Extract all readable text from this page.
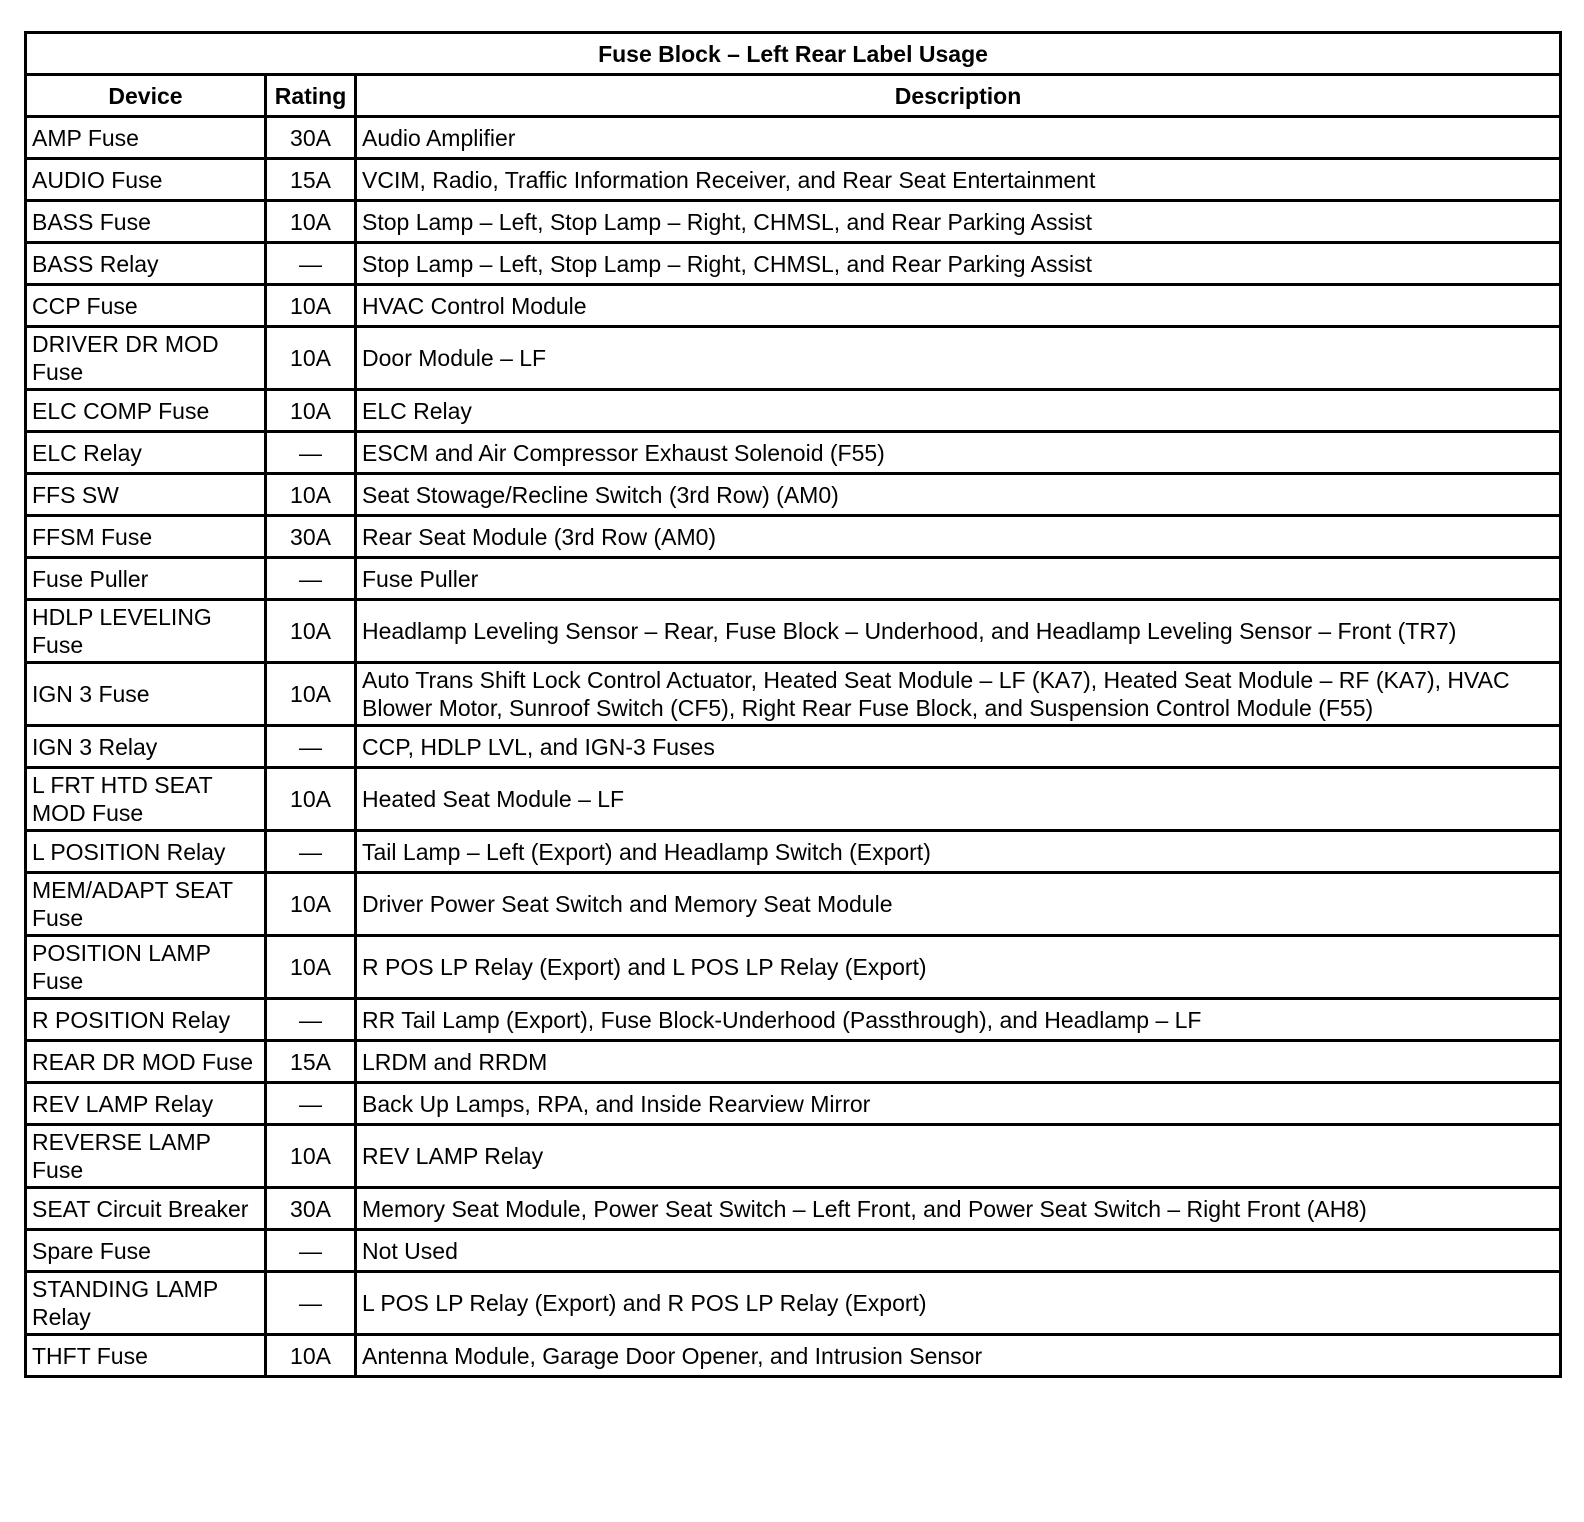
Fuse Block – Left Rear Label Usage		
Device	Rating	Description
AMP Fuse	30A	Audio Amplifier
AUDIO Fuse	15A	VCIM, Radio, Traffic Information Receiver, and Rear Seat Entertainment
BASS Fuse	10A	Stop Lamp – Left, Stop Lamp – Right, CHMSL, and Rear Parking Assist
BASS Relay	—	Stop Lamp – Left, Stop Lamp – Right, CHMSL, and Rear Parking Assist
CCP Fuse	10A	HVAC Control Module
DRIVER DR MOD Fuse	10A	Door Module – LF
ELC COMP Fuse	10A	ELC Relay
ELC Relay	—	ESCM and Air Compressor Exhaust Solenoid (F55)
FFS SW	10A	Seat Stowage/Recline Switch (3rd Row) (AM0)
FFSM Fuse	30A	Rear Seat Module (3rd Row (AM0)
Fuse Puller	—	Fuse Puller
HDLP LEVELING Fuse	10A	Headlamp Leveling Sensor – Rear, Fuse Block – Underhood, and Headlamp Leveling Sensor – Front (TR7)
IGN 3 Fuse	10A	Auto Trans Shift Lock Control Actuator, Heated Seat Module – LF (KA7), Heated Seat Module – RF (KA7), HVAC Blower Motor, Sunroof Switch (CF5), Right Rear Fuse Block, and Suspension Control Module (F55)
IGN 3 Relay	—	CCP, HDLP LVL, and IGN-3 Fuses
L FRT HTD SEAT MOD Fuse	10A	Heated Seat Module – LF
L POSITION Relay	—	Tail Lamp – Left (Export) and Headlamp Switch (Export)
MEM/ADAPT SEAT Fuse	10A	Driver Power Seat Switch and Memory Seat Module
POSITION LAMP Fuse	10A	R POS LP Relay (Export) and L POS LP Relay (Export)
R POSITION Relay	—	RR Tail Lamp (Export), Fuse Block-Underhood (Passthrough), and Headlamp – LF
REAR DR MOD Fuse	15A	LRDM and RRDM
REV LAMP Relay	—	Back Up Lamps, RPA, and Inside Rearview Mirror
REVERSE LAMP Fuse	10A	REV LAMP Relay
SEAT Circuit Breaker	30A	Memory Seat Module, Power Seat Switch – Left Front, and Power Seat Switch – Right Front (AH8)
Spare Fuse	—	Not Used
STANDING LAMP Relay	—	L POS LP Relay (Export) and R POS LP Relay (Export)
THFT Fuse	10A	Antenna Module, Garage Door Opener, and Intrusion Sensor
